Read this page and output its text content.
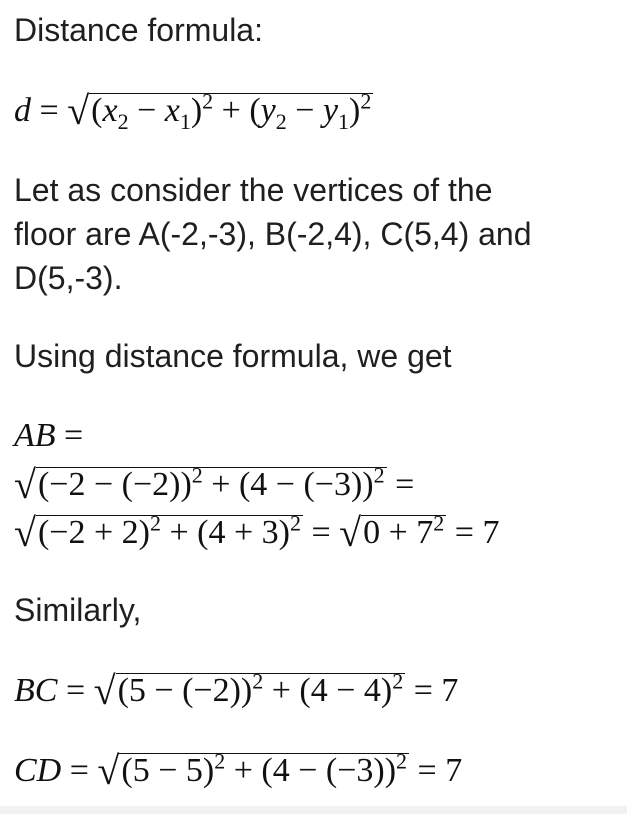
Distance formula:

$d = √(x_2 - x_1)^2 + (y_2 - y_1)^2$

Let as consider the vertices of the

floor are A(-2,-3), B(-2,4), C(5,4) and

D(5,-3).

Using distance formula, we get

AB =
$√(-2 - (-2))^2 + (4 - (-3))^2$ =
$√(-2 + 2)^2 + (4 + 3)^2 = √0 + 7^2 = 7$

Similarly,

BC = $√(5 - (-2))^2 + (4 - 4)^2 = 7$
CD = $√(5 - 5)^2 + (4 - (-3))^2 = 7$
